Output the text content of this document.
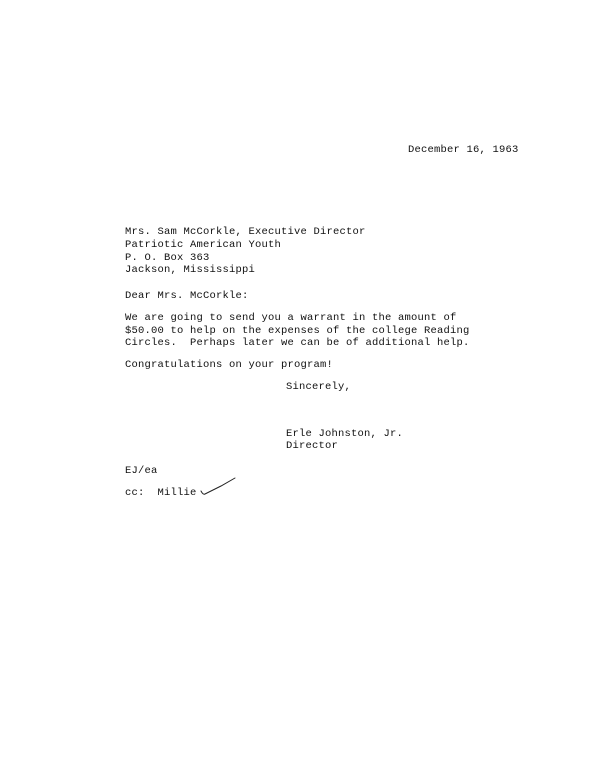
December 16, 1963
Mrs. Sam McCorkle, Executive Director
Patriotic American Youth
P. O. Box 363
Jackson, Mississippi
Dear Mrs. McCorkle:
We are going to send you a warrant in the amount of
$50.00 to help on the expenses of the college Reading
Circles.  Perhaps later we can be of additional help.
Congratulations on your program!
Sincerely,
Erle Johnston, Jr.
Director
EJ/ea
cc:  Millie
